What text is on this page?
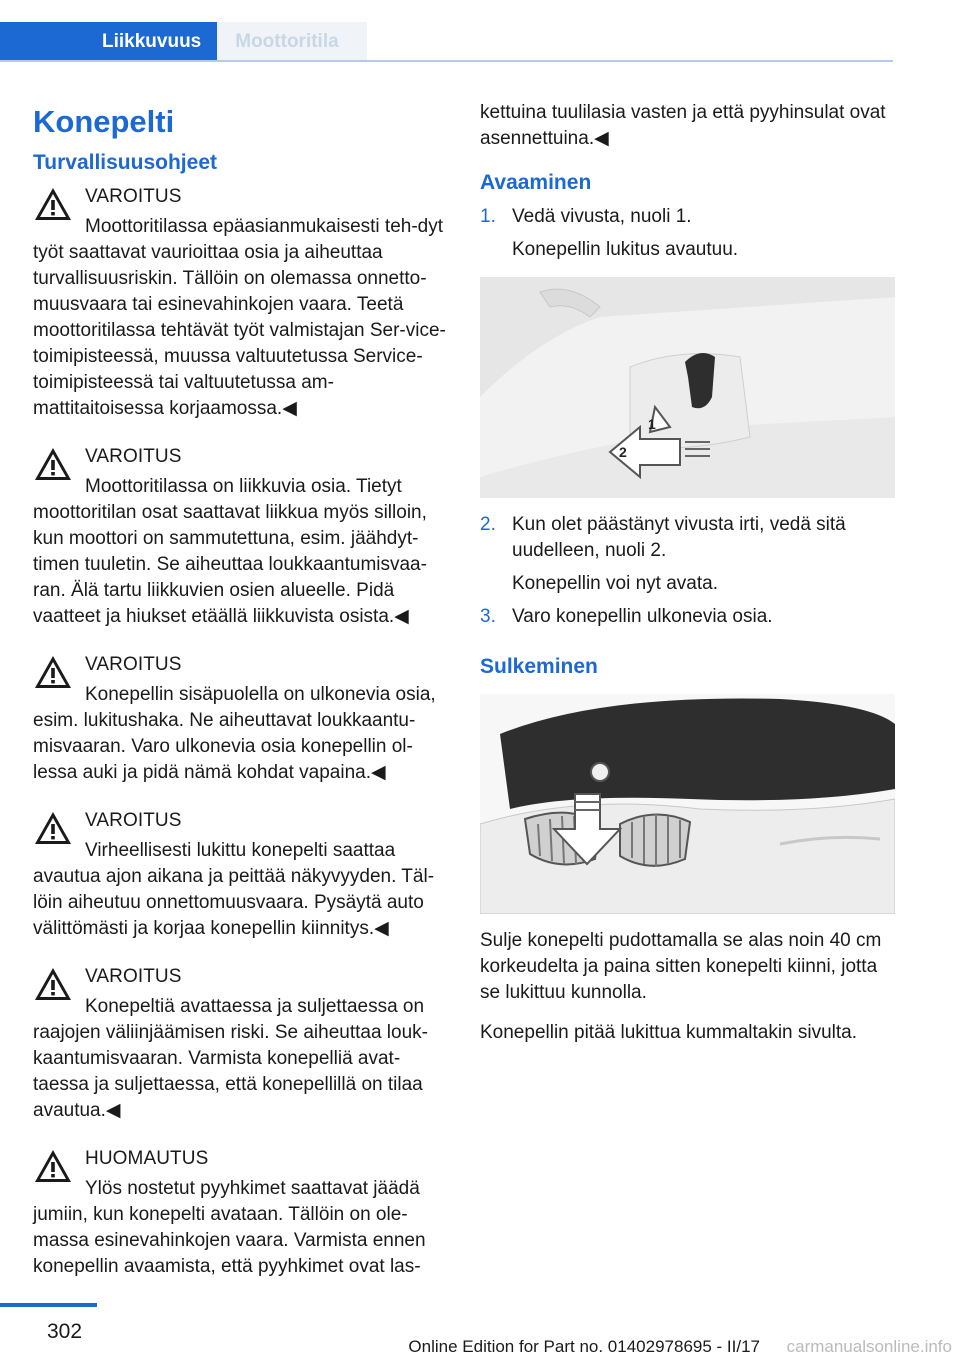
Liikkuvuus	Moottoritila
Konepelti
Turvallisuusohjeet
VAROITUS
Moottoritilassa epäasianmukaisesti teh‐dyt työt saattavat vaurioittaa osia ja aiheuttaa turvallisuusriskin. Tällöin on olemassa onnetto‐muusvaara tai esinevahinkojen vaara. Teetä moottoritilassa tehtävät työt valmistajan Ser‐vice-toimipisteessä, muussa valtuutetussa Service-toimipisteessä tai valtuutetussa am‐mattitaitoisessa korjaamossa.◀
VAROITUS
Moottoritilassa on liikkuvia osia. Tietyt moottoritilan osat saattavat liikkua myös silloin, kun moottori on sammutettuna, esim. jäähdyt‐timen tuuletin. Se aiheuttaa loukkaantumisvaa‐ran. Älä tartu liikkuvien osien alueelle. Pidä vaatteet ja hiukset etäällä liikkuvista osista.◀
VAROITUS
Konepellin sisäpuolella on ulkonevia osia, esim. lukitushaka. Ne aiheuttavat loukkaantu‐misvaaran. Varo ulkonevia osia konepellin ol‐lessa auki ja pidä nämä kohdat vapaina.◀
VAROITUS
Virheellisesti lukittu konepelti saattaa avautua ajon aikana ja peittää näkyvyyden. Täl‐löin aiheutuu onnettomuusvaara. Pysäytä auto välittömästi ja korjaa konepellin kiinnitys.◀
VAROITUS
Konepeltiä avattaessa ja suljettaessa on raajojen väliinjäämisen riski. Se aiheuttaa louk‐kaantumisvaaran. Varmista konepelliä avat‐taessa ja suljettaessa, että konepellillä on tilaa avautua.◀
HUOMAUTUS
Ylös nostetut pyyhkimet saattavat jäädä jumiin, kun konepelti avataan. Tällöin on ole‐massa esinevahinkojen vaara. Varmista ennen konepellin avaamista, että pyyhkimet ovat las‐

kettuina tuulilasia vasten ja että pyyhinsulat ovat asennettuina.◀

Avaaminen
1. Vedä vivusta, nuoli 1.
Konepellin lukitus avautuu.
2
1
2. Kun olet päästänyt vivusta irti, vedä sitä uudelleen, nuoli 2.
Konepellin voi nyt avata.
3. Varo konepellin ulkonevia osia.
Sulkeminen

Sulje konepelti pudottamalla se alas noin 40 cm korkeudelta ja paina sitten konepelti kiinni, jotta se lukittuu kunnolla.

Konepellin pitää lukittua kummaltakin sivulta.

302
Online Edition for Part no. 01402978695 - II/17 carmanualsonline.info
